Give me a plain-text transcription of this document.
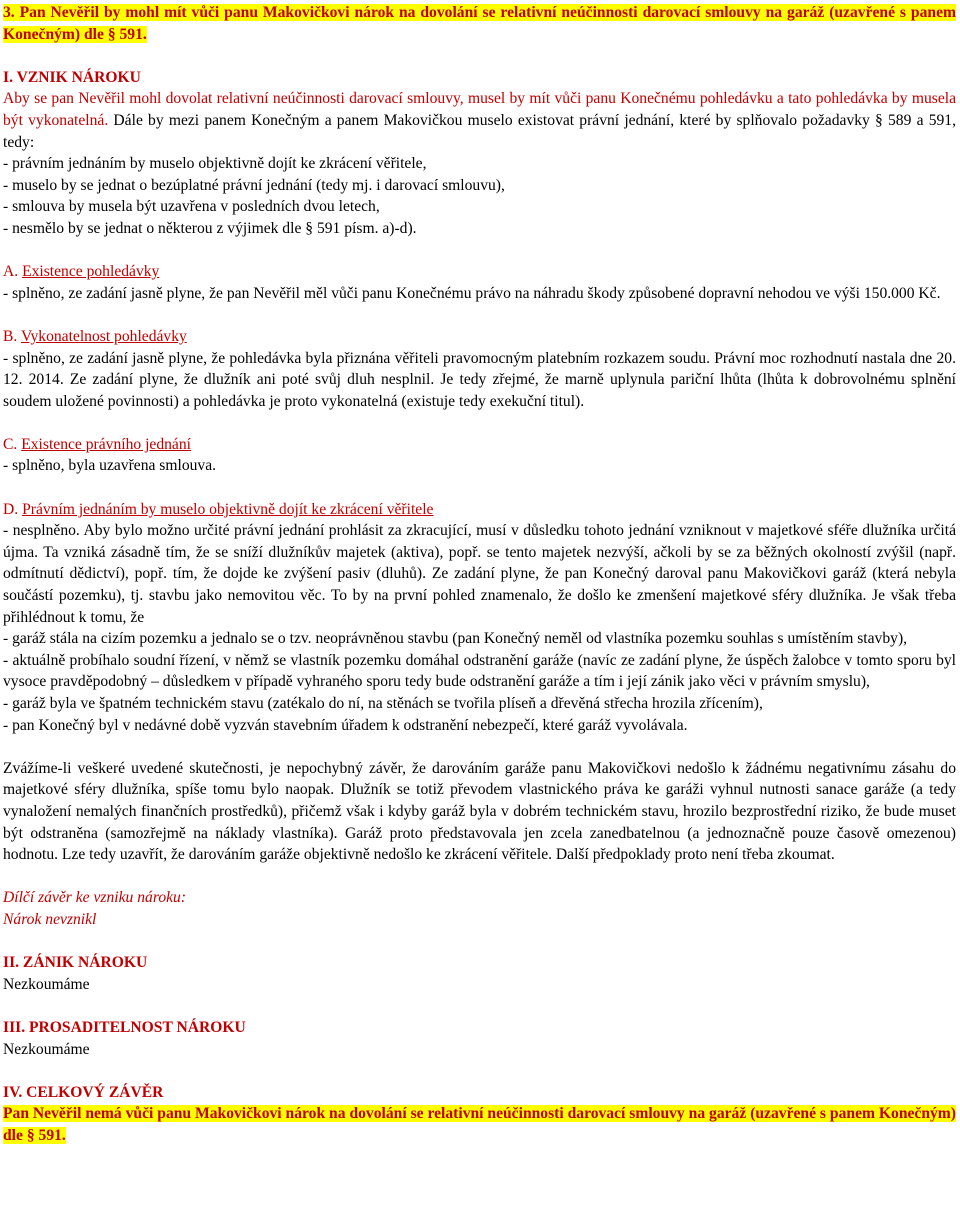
3. Pan Nevěřil by mohl mít vůči panu Makovičkovi nárok na dovolání se relativní neúčinnosti darovací smlouvy na garáž (uzavřené s panem Konečným) dle § 591.

I. VZNIK NÁROKU

Aby se pan Nevěřil mohl dovolat relativní neúčinnosti darovací smlouvy, musel by mít vůči panu Konečnému pohledávku a tato pohledávka by musela být vykonatelná. Dále by mezi panem Konečným a panem Makovičkou muselo existovat právní jednání, které by splňovalo požadavky § 589 a 591, tedy:

- právním jednáním by muselo objektivně dojít ke zkrácení věřitele,

- muselo by se jednat o bezúplatné právní jednání (tedy mj. i darovací smlouvu),

- smlouva by musela být uzavřena v posledních dvou letech,

- nesmělo by se jednat o některou z výjimek dle § 591 písm. a)-d).

A. Existence pohledávky

- splněno, ze zadání jasně plyne, že pan Nevěřil měl vůči panu Konečnému právo na náhradu škody způsobené dopravní nehodou ve výši 150.000 Kč.

B. Vykonatelnost pohledávky

- splněno, ze zadání jasně plyne, že pohledávka byla přiznána věřiteli pravomocným platebním rozkazem soudu. Právní moc rozhodnutí nastala dne 20. 12. 2014. Ze zadání plyne, že dlužník ani poté svůj dluh nesplnil. Je tedy zřejmé, že marně uplynula pariční lhůta (lhůta k dobrovolnému splnění soudem uložené povinnosti) a pohledávka je proto vykonatelná (existuje tedy exekuční titul).

C. Existence právního jednání

- splněno, byla uzavřena smlouva.

D. Právním jednáním by muselo objektivně dojít ke zkrácení věřitele

- nesplněno. Aby bylo možno určité právní jednání prohlásit za zkracující, musí v důsledku tohoto jednání vzniknout v majetkové sféře dlužníka určitá újma. Ta vzniká zásadně tím, že se sníží dlužníkův majetek (aktiva), popř. se tento majetek nezvýší, ačkoli by se za běžných okolností zvýšil (např. odmítnutí dědictví), popř. tím, že dojde ke zvýšení pasiv (dluhů). Ze zadání plyne, že pan Konečný daroval panu Makovičkovi garáž (která nebyla součástí pozemku), tj. stavbu jako nemovitou věc. To by na první pohled znamenalo, že došlo ke zmenšení majetkové sféry dlužníka. Je však třeba přihlédnout k tomu, že

- garáž stála na cizím pozemku a jednalo se o tzv. neoprávněnou stavbu (pan Konečný neměl od vlastníka pozemku souhlas s umístěním stavby),

- aktuálně probíhalo soudní řízení, v němž se vlastník pozemku domáhal odstranění garáže (navíc ze zadání plyne, že úspěch žalobce v tomto sporu byl vysoce pravděpodobný – důsledkem v případě vyhraného sporu tedy bude odstranění garáže a tím i její zánik jako věci v právním smyslu),

- garáž byla ve špatném technickém stavu (zatékalo do ní, na stěnách se tvořila plíseň a dřevěná střecha hrozila zřícením),

- pan Konečný byl v nedávné době vyzván stavebním úřadem k odstranění nebezpečí, které garáž vyvolávala.

Zvážíme-li veškeré uvedené skutečnosti, je nepochybný závěr, že darováním garáže panu Makovičkovi nedošlo k žádnému negativnímu zásahu do majetkové sféry dlužníka, spíše tomu bylo naopak. Dlužník se totiž převodem vlastnického práva ke garáži vyhnul nutnosti sanace garáže (a tedy vynaložení nemalých finančních prostředků), přičemž však i kdyby garáž byla v dobrém technickém stavu, hrozilo bezprostřední riziko, že bude muset být odstraněna (samozřejmě na náklady vlastníka). Garáž proto představovala jen zcela zanedbatelnou (a jednoznačně pouze časově omezenou) hodnotu. Lze tedy uzavřít, že darováním garáže objektivně nedošlo ke zkrácení věřitele. Další předpoklady proto není třeba zkoumat.

Dílčí závěr ke vzniku nároku:

Nárok nevznikl

II. ZÁNIK NÁROKU

Nezkoumáme

III. PROSADITELNOST NÁROKU

Nezkoumáme

IV. CELKOVÝ ZÁVĚR

Pan Nevěřil nemá vůči panu Makovičkovi nárok na dovolání se relativní neúčinnosti darovací smlouvy na garáž (uzavřené s panem Konečným) dle § 591.
